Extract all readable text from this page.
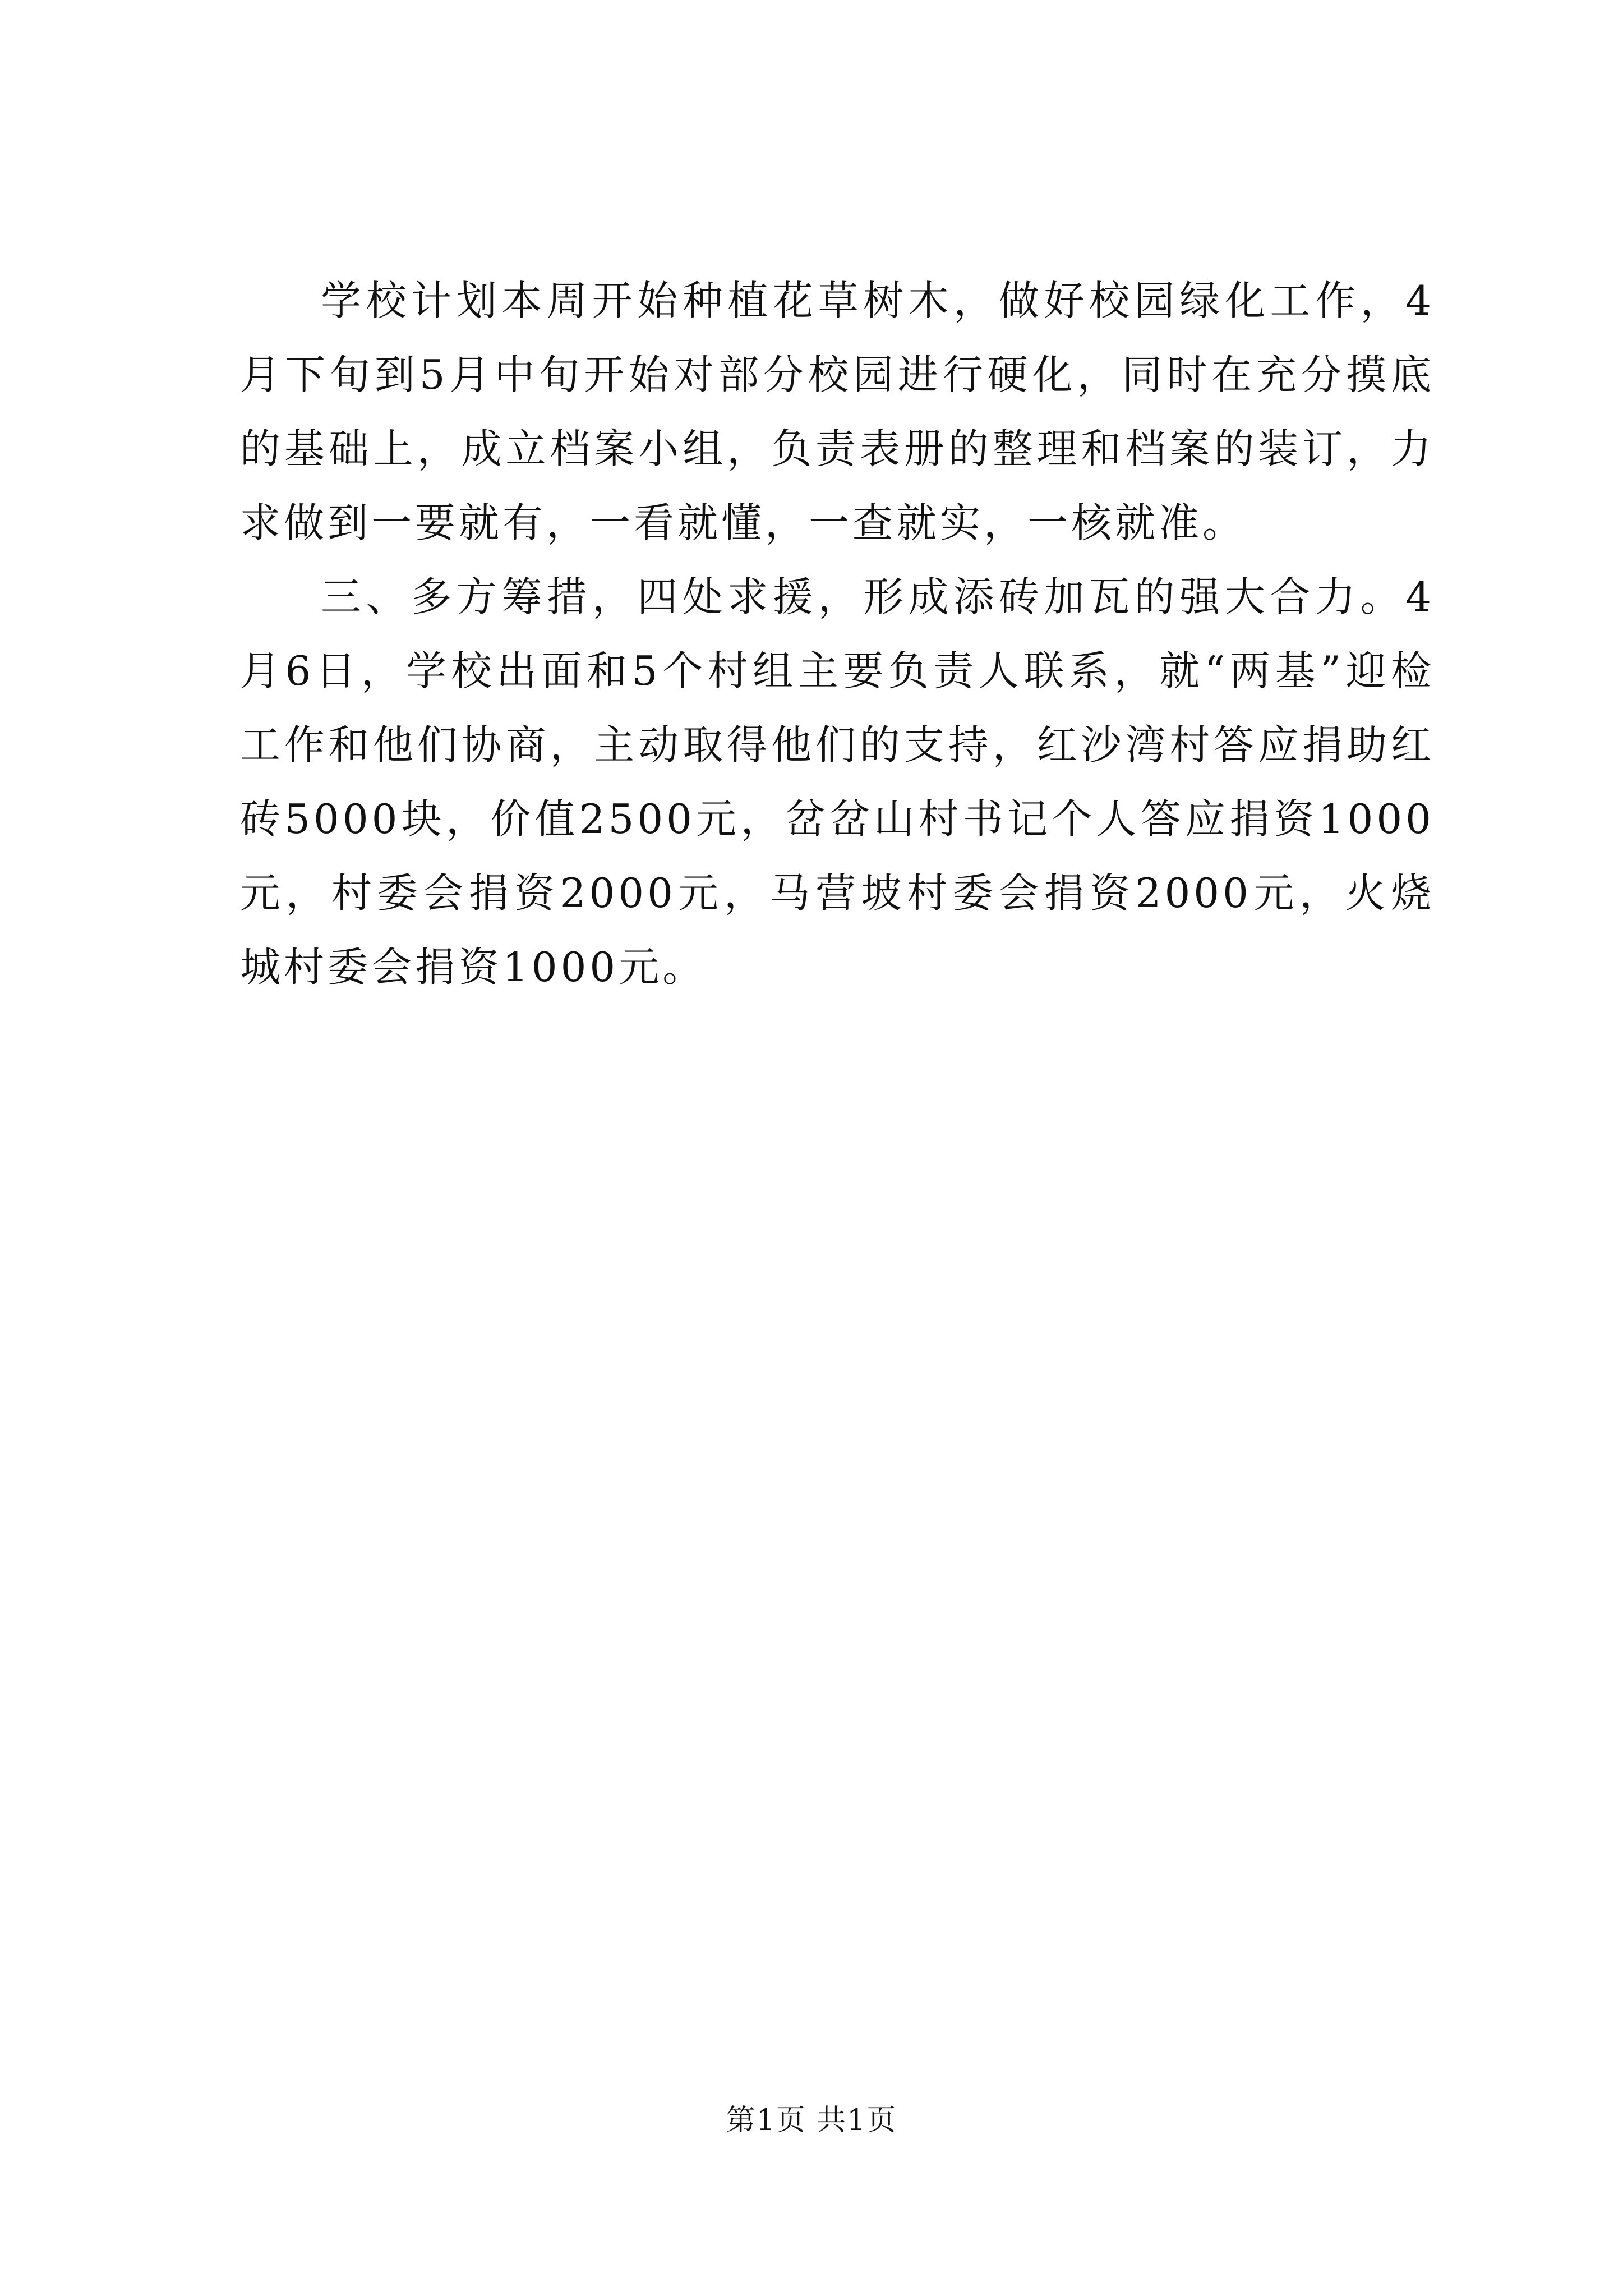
学校计划本周开始种植花草树木，做好校园绿化工作，4月下旬到5月中旬开始对部分校园进行硬化，同时在充分摸底的基础上，成立档案小组，负责表册的整理和档案的装订，力求做到一要就有，一看就懂，一查就实，一核就准。

三、多方筹措，四处求援，形成添砖加瓦的强大合力。4月6日，学校出面和5个村组主要负责人联系，就“两基”迎检工作和他们协商，主动取得他们的支持，红沙湾村答应捐助红砖5000块，价值2500元，岔岔山村书记个人答应捐资1000元，村委会捐资2000元，马营坡村委会捐资2000元，火烧城村委会捐资1000元。

第1页 共1页
